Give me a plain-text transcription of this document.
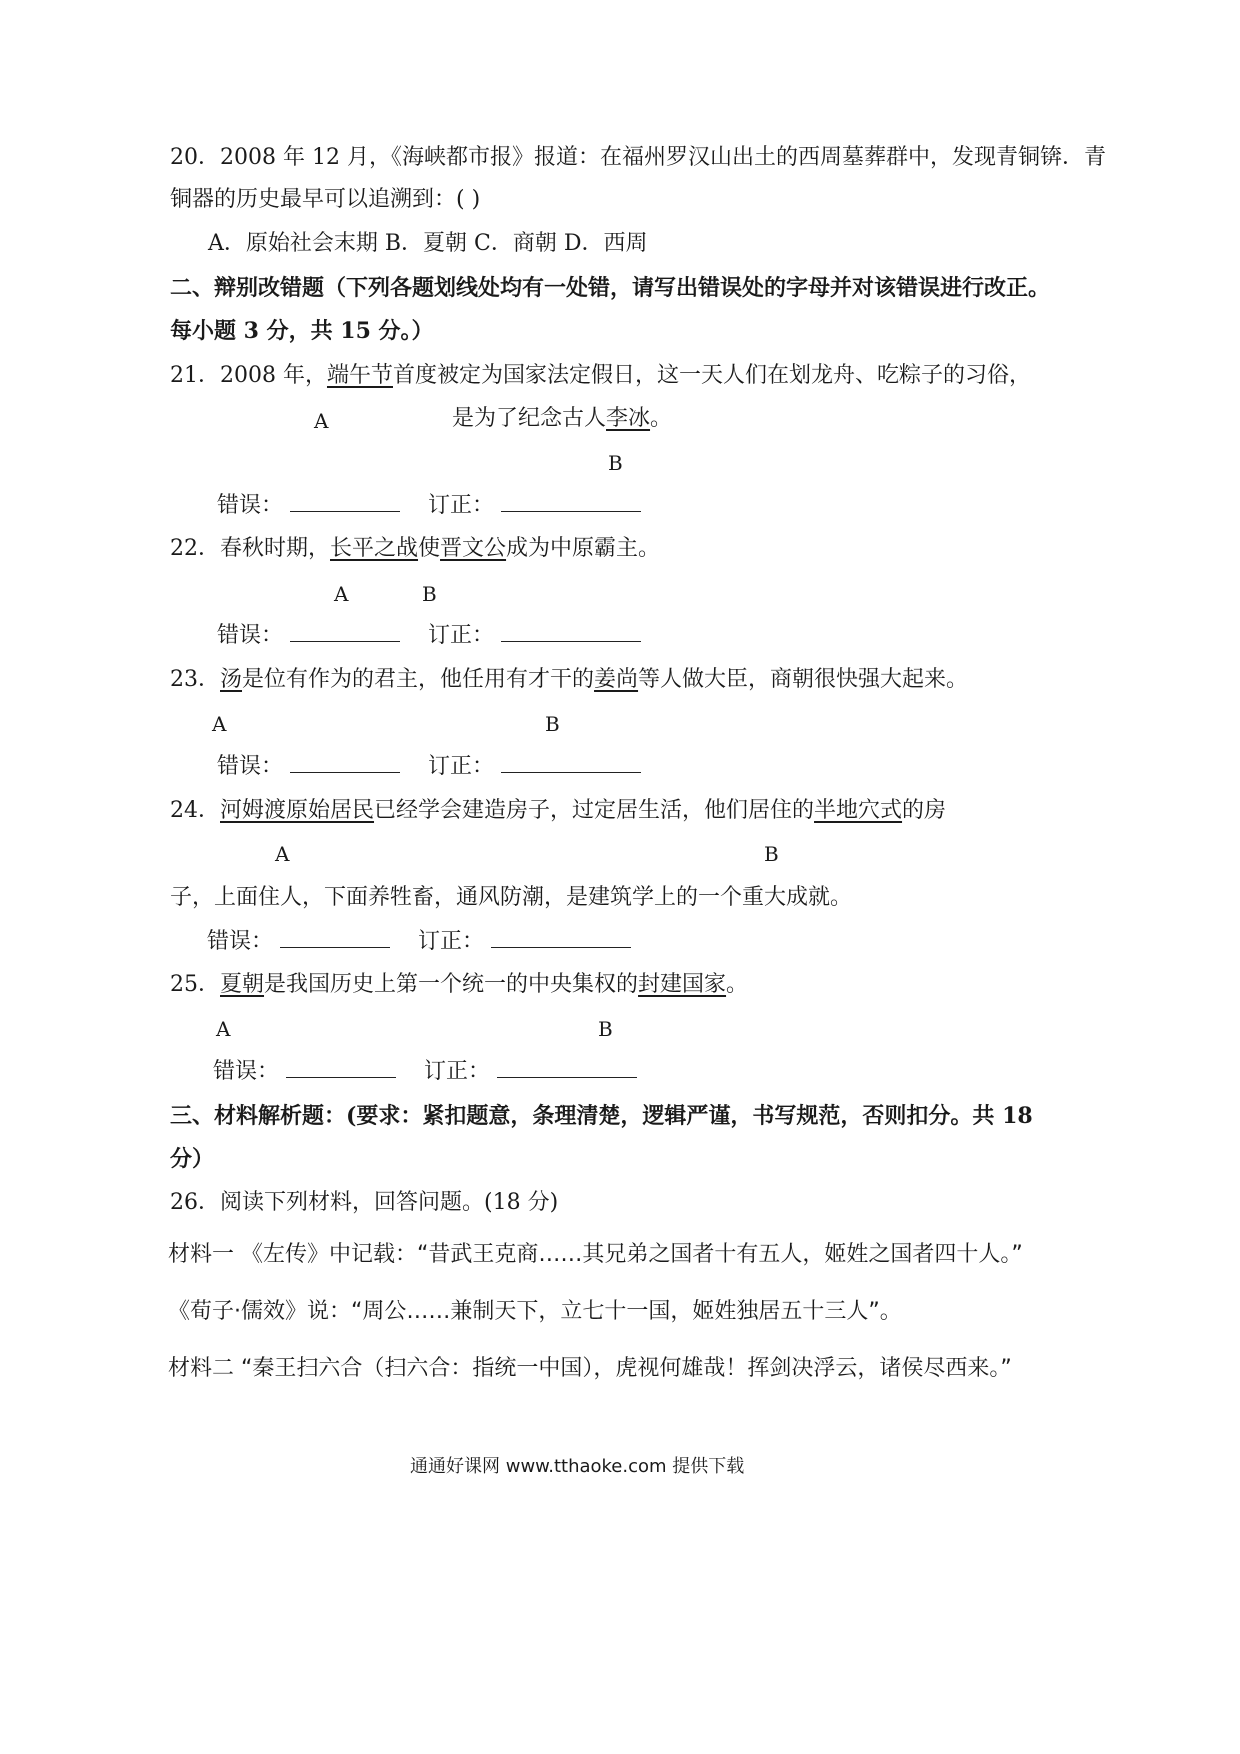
20．2008 年 12 月，《海峡都市报》报道：在福州罗汉山出土的西周墓葬群中，发现青铜锛．青
铜器的历史最早可以追溯到：( )
A．原始社会末期 B．夏朝 C．商朝 D．西周
二、辩别改错题（下列各题划线处均有一处错，请写出错误处的字母并对该错误进行改正。
每小题 3 分，共 15 分。）
21．2008 年，端午节首度被定为国家法定假日，这一天人们在划龙舟、吃粽子的习俗，
A	是为了纪念古人李冰。
B
错误：	订正：
22．春秋时期，长平之战使晋文公成为中原霸主。
A	B
错误：	订正：
23．汤是位有作为的君主，他任用有才干的姜尚等人做大臣，商朝很快强大起来。
A	B
错误：	订正：
24．河姆渡原始居民已经学会建造房子，过定居生活，他们居住的半地穴式的房
A	B
子，上面住人，下面养牲畜，通风防潮，是建筑学上的一个重大成就。
错误：	订正：
25．夏朝是我国历史上第一个统一的中央集权的封建国家。
A	B
错误：	订正：
三、材料解析题：(要求：紧扣题意，条理清楚，逻辑严谨，书写规范，否则扣分。共 18
分）
26．阅读下列材料，回答问题。(18 分)
材料一 《左传》中记载：“昔武王克商……其兄弟之国者十有五人，姬姓之国者四十人。”
《荀子·儒效》说：“周公……兼制天下，立七十一国，姬姓独居五十三人”。
材料二 “秦王扫六合（扫六合：指统一中国），虎视何雄哉！挥剑决浮云，诸侯尽西来。”
通通好课网 www.tthaoke.com 提供下载
